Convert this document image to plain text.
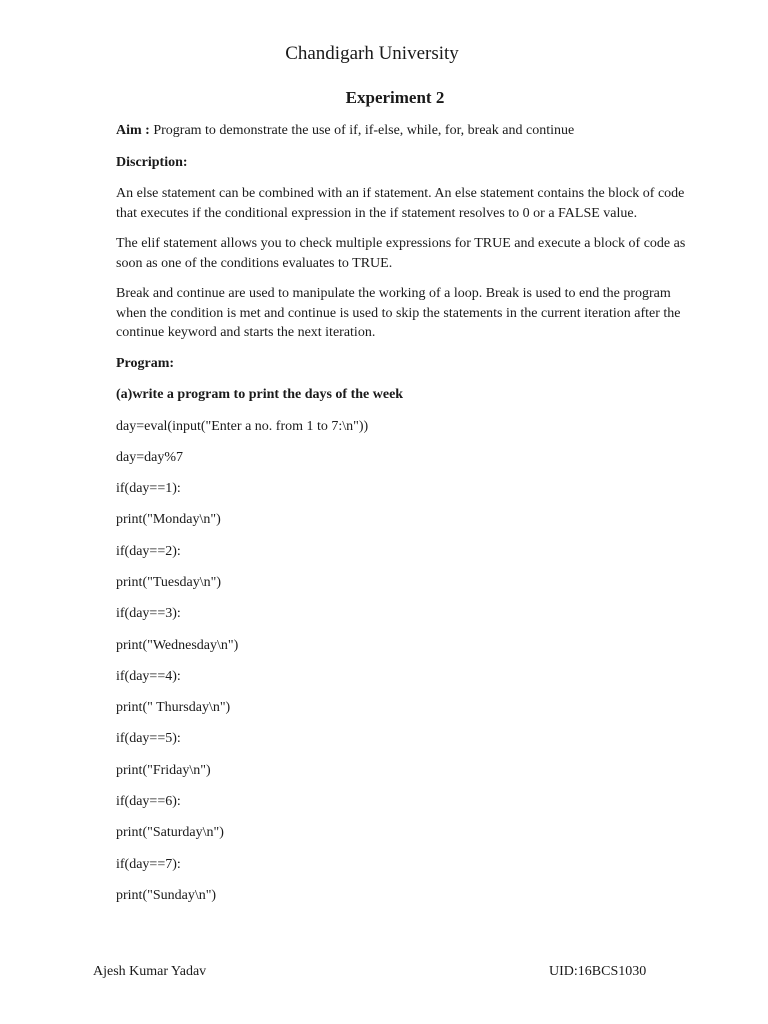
Chandigarh University
Experiment 2

Aim : Program to demonstrate the use of if, if-else, while, for, break and continue

Discription:

An else statement can be combined with an if statement. An else statement contains the block of code that executes if the conditional expression in the if statement resolves to 0 or a FALSE value.

The elif statement allows you to check multiple expressions for TRUE and execute a block of code as soon as one of the conditions evaluates to TRUE.

Break and continue are used to manipulate the working of a loop. Break is used to end the program when the condition is met and continue is used to skip the statements in the current iteration after the continue keyword and starts the next iteration.

Program:

(a)write a program to print the days of the week

day=eval(input("Enter a no. from 1 to 7:\n"))

day=day%7

if(day==1):

print("Monday\n")

if(day==2):

print("Tuesday\n")

if(day==3):

print("Wednesday\n")

if(day==4):

print(" Thursday\n")

if(day==5):

print("Friday\n")

if(day==6):

print("Saturday\n")

if(day==7):

print("Sunday\n")

Ajesh Kumar Yadav	UID:16BCS1030
